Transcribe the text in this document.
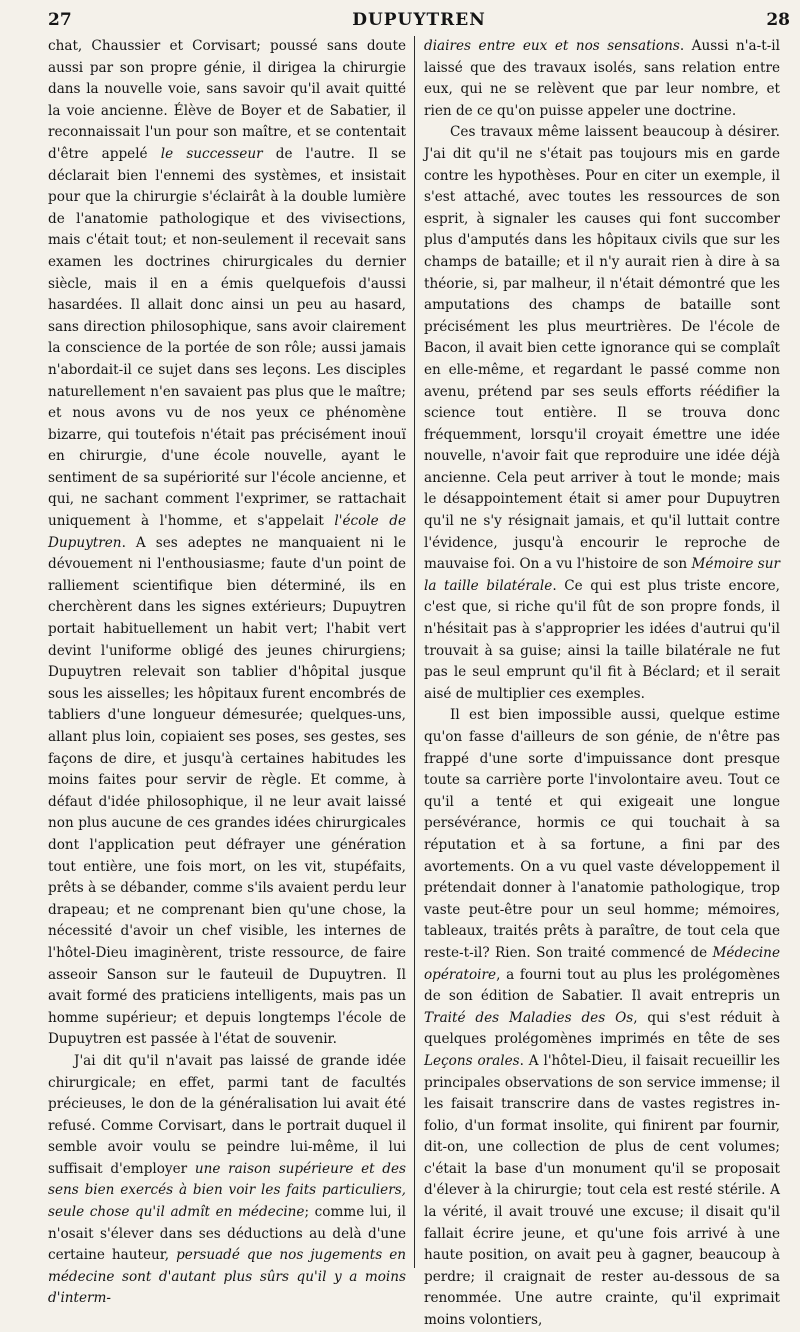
27	DUPUYTREN	28

chat, Chaussier et Corvisart; poussé sans doute aussi par son propre génie, il dirigea la chirurgie dans la nouvelle voie, sans savoir qu'il avait quitté la voie ancienne. Élève de Boyer et de Sabatier, il reconnaissait l'un pour son maître, et se contentait d'être appelé le successeur de l'autre. Il se déclarait bien l'ennemi des systèmes, et insistait pour que la chirurgie s'éclairât à la double lumière de l'anatomie pathologique et des vivisections, mais c'était tout; et non-seulement il recevait sans examen les doctrines chirurgicales du dernier siècle, mais il en a émis quelquefois d'aussi hasardées. Il allait donc ainsi un peu au hasard, sans direction philosophique, sans avoir clairement la conscience de la portée de son rôle; aussi jamais n'abordait-il ce sujet dans ses leçons. Les disciples naturellement n'en savaient pas plus que le maître; et nous avons vu de nos yeux ce phénomène bizarre, qui toutefois n'était pas précisément inouï en chirurgie, d'une école nouvelle, ayant le sentiment de sa supériorité sur l'école ancienne, et qui, ne sachant comment l'exprimer, se rattachait uniquement à l'homme, et s'appelait l'école de Dupuytren. A ses adeptes ne manquaient ni le dévouement ni l'enthousiasme; faute d'un point de ralliement scientifique bien déterminé, ils en cherchèrent dans les signes extérieurs; Dupuytren portait habituellement un habit vert; l'habit vert devint l'uniforme obligé des jeunes chirurgiens; Dupuytren relevait son tablier d'hôpital jusque sous les aisselles; les hôpitaux furent encombrés de tabliers d'une longueur démesurée; quelques-uns, allant plus loin, copiaient ses poses, ses gestes, ses façons de dire, et jusqu'à certaines habitudes les moins faites pour servir de règle. Et comme, à défaut d'idée philosophique, il ne leur avait laissé non plus aucune de ces grandes idées chirurgicales dont l'application peut défrayer une génération tout entière, une fois mort, on les vit, stupéfaits, prêts à se débander, comme s'ils avaient perdu leur drapeau; et ne comprenant bien qu'une chose, la nécessité d'avoir un chef visible, les internes de l'hôtel-Dieu imaginèrent, triste ressource, de faire asseoir Sanson sur le fauteuil de Dupuytren. Il avait formé des praticiens intelligents, mais pas un homme supérieur; et depuis longtemps l'école de Dupuytren est passée à l'état de souvenir.

J'ai dit qu'il n'avait pas laissé de grande idée chirurgicale; en effet, parmi tant de facultés précieuses, le don de la généralisation lui avait été refusé. Comme Corvisart, dans le portrait duquel il semble avoir voulu se peindre lui-même, il lui suffisait d'employer une raison supérieure et des sens bien exercés à bien voir les faits particuliers, seule chose qu'il admît en médecine; comme lui, il n'osait s'élever dans ses déductions au delà d'une certaine hauteur, persuadé que nos jugements en médecine sont d'autant plus sûrs qu'il y a moins d'interm-

diaires entre eux et nos sensations. Aussi n'a-t-il laissé que des travaux isolés, sans relation entre eux, qui ne se relèvent que par leur nombre, et rien de ce qu'on puisse appeler une doctrine.

Ces travaux même laissent beaucoup à désirer. J'ai dit qu'il ne s'était pas toujours mis en garde contre les hypothèses. Pour en citer un exemple, il s'est attaché, avec toutes les ressources de son esprit, à signaler les causes qui font succomber plus d'amputés dans les hôpitaux civils que sur les champs de bataille; et il n'y aurait rien à dire à sa théorie, si, par malheur, il n'était démontré que les amputations des champs de bataille sont précisément les plus meurtrières. De l'école de Bacon, il avait bien cette ignorance qui se complaît en elle-même, et regardant le passé comme non avenu, prétend par ses seuls efforts réédifier la science tout entière. Il se trouva donc fréquemment, lorsqu'il croyait émettre une idée nouvelle, n'avoir fait que reproduire une idée déjà ancienne. Cela peut arriver à tout le monde; mais le désappointement était si amer pour Dupuytren qu'il ne s'y résignait jamais, et qu'il luttait contre l'évidence, jusqu'à encourir le reproche de mauvaise foi. On a vu l'histoire de son Mémoire sur la taille bilatérale. Ce qui est plus triste encore, c'est que, si riche qu'il fût de son propre fonds, il n'hésitait pas à s'approprier les idées d'autrui qu'il trouvait à sa guise; ainsi la taille bilatérale ne fut pas le seul emprunt qu'il fit à Béclard; et il serait aisé de multiplier ces exemples.

Il est bien impossible aussi, quelque estime qu'on fasse d'ailleurs de son génie, de n'être pas frappé d'une sorte d'impuissance dont presque toute sa carrière porte l'involontaire aveu. Tout ce qu'il a tenté et qui exigeait une longue persévérance, hormis ce qui touchait à sa réputation et à sa fortune, a fini par des avortements. On a vu quel vaste développement il prétendait donner à l'anatomie pathologique, trop vaste peut-être pour un seul homme; mémoires, tableaux, traités prêts à paraître, de tout cela que reste-t-il? Rien. Son traité commencé de Médecine opératoire, a fourni tout au plus les prolégomènes de son édition de Sabatier. Il avait entrepris un Traité des Maladies des Os, qui s'est réduit à quelques prolégomènes imprimés en tête de ses Leçons orales. A l'hôtel-Dieu, il faisait recueillir les principales observations de son service immense; il les faisait transcrire dans de vastes registres in-folio, d'un format insolite, qui finirent par fournir, dit-on, une collection de plus de cent volumes; c'était la base d'un monument qu'il se proposait d'élever à la chirurgie; tout cela est resté stérile. A la vérité, il avait trouvé une excuse; il disait qu'il fallait écrire jeune, et qu'une fois arrivé à une haute position, on avait peu à gagner, beaucoup à perdre; il craignait de rester au-dessous de sa renommée. Une autre crainte, qu'il exprimait moins volontiers,
